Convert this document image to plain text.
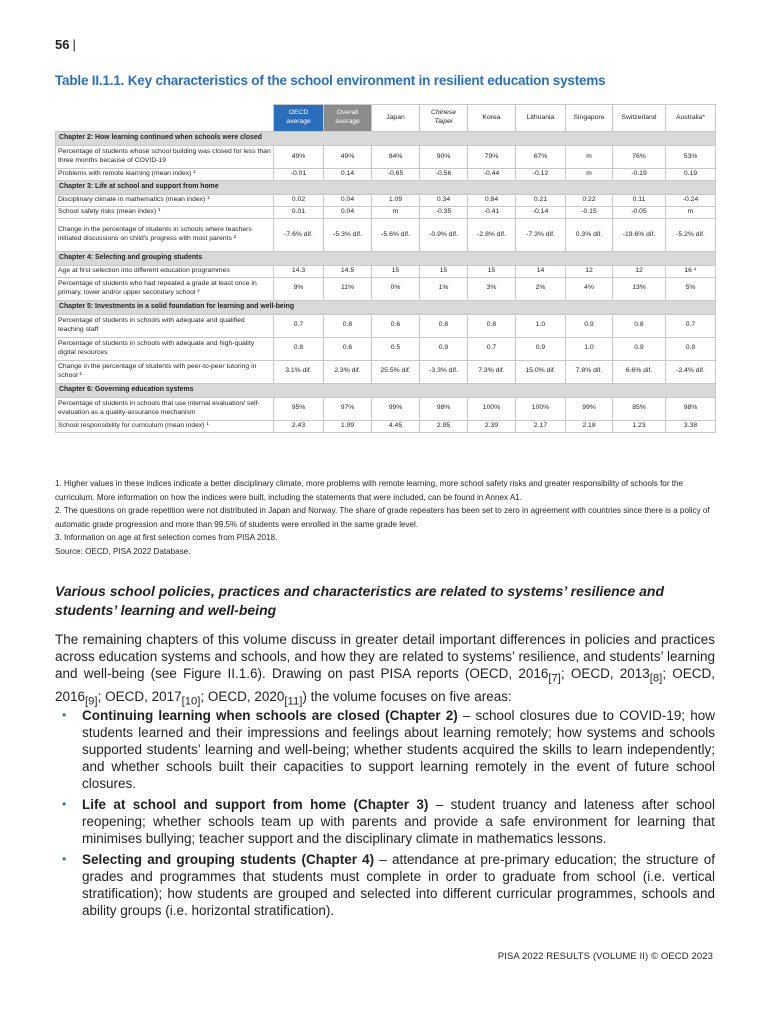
56 |
Table II.1.1. Key characteristics of the school environment in resilient education systems
	OECD average	Overall average	Japan	Chinese Taipei	Korea	Lithuania	Singapore	Switzerland	Australia*
Chapter 2: How learning continued when schools were closed									
Percentage of students whose school building was closed for less than three months because of COVID-19	49%	49%	84%	90%	79%	67%	m	76%	53%
Problems with remote learning (mean index) ¹	-0.01	0.14	-0.65	-0.56	-0.44	-0.12	m	-0.19	0.19
Chapter 3: Life at school and support from home									
Disciplinary climate in mathematics (mean index) ¹	0.02	0.04	1.09	0.34	0.84	0.21	0.22	0.11	-0.24
School safety risks (mean index) ¹	0.01	0.04	m	-0.35	-0.41	-0.14	-0.15	-0.05	m
Change in the percentage of students in schools where teachers initiated discussions on child's progress with most parents ²	-7.6% dif.	-5.3% dif.	-5.6% dif.	-0.9% dif.	-2.8% dif.	-7.3% dif.	0.3% dif.	-19.6% dif.	-5.2% dif.
Chapter 4: Selecting and grouping students									
Age at first selection into different education programmes	14.3	14.5	15	15	15	14	12	12	16 ⁴
Percentage of students who had repeated a grade at least once in primary, lower and/or upper secondary school ³	9%	11%	0%	1%	3%	2%	4%	13%	5%
Chapter 5: Investments in a solid foundation for learning and well-being									
Percentage of students in schools with adequate and qualified teaching staff	0.7	0.8	0.6	0.8	0.8	1.0	0.9	0.8	0.7
Percentage of students in schools with adequate and high-quality digital resources	0.8	0.6	0.5	0.9	0.7	0.9	1.0	0.9	0.9
Change in the percentage of students with peer-to-peer tutoring in school ²	3.1% dif.	2.3% dif.	25.5% dif.	-3.3% dif.	7.3% dif.	15.0% dif.	7.8% dif.	6.6% dif.	-2.4% dif.
Chapter 6: Governing education systems									
Percentage of students in schools that use internal evaluation/ self-evaluation as a quality-assurance mechanism	95%	97%	99%	98%	100%	100%	99%	85%	98%
School responsibility for curriculum (mean index) ¹	2.43	1.99	4.45	2.95	2.39	2.17	2.18	1.23	3.38

1. Higher values in these indices indicate a better disciplinary climate, more problems with remote learning, more school safety risks and greater responsibility of schools for the curriculum. More information on how the indices were built, including the statements that were included, can be found in Annex A1.

2. The questions on grade repetition were not distributed in Japan and Norway. The share of grade repeaters has been set to zero in agreement with countries since there is a policy of automatic grade progression and more than 99.5% of students were enrolled in the same grade level.

3. Information on age at first selection comes from PISA 2018.

Source: OECD, PISA 2022 Database.

Various school policies, practices and characteristics are related to systems’ resilience and students’ learning and well-being

The remaining chapters of this volume discuss in greater detail important differences in policies and practices across education systems and schools, and how they are related to systems’ resilience, and students’ learning and well-being (see Figure II.1.6). Drawing on past PISA reports (OECD, $2016_{[7]}$; OECD, $2013_{[8]}$; OECD, $2016_{[9]}$; OECD, $2017_{[10]}$; OECD, $2020_{[11]}$) the volume focuses on five areas:

• Continuing learning when schools are closed (Chapter 2) – school closures due to COVID-19; how students learned and their impressions and feelings about learning remotely; how systems and schools supported students’ learning and well-being; whether students acquired the skills to learn independently; and whether schools built their capacities to support learning remotely in the event of future school closures.
• Life at school and support from home (Chapter 3) – student truancy and lateness after school reopening; whether schools team up with parents and provide a safe environment for learning that minimises bullying; teacher support and the disciplinary climate in mathematics lessons.
• Selecting and grouping students (Chapter 4) – attendance at pre-primary education; the structure of grades and programmes that students must complete in order to graduate from school (i.e. vertical stratification); how students are grouped and selected into different curricular programmes, schools and ability groups (i.e. horizontal stratification).
PISA 2022 RESULTS (VOLUME II) © OECD 2023
